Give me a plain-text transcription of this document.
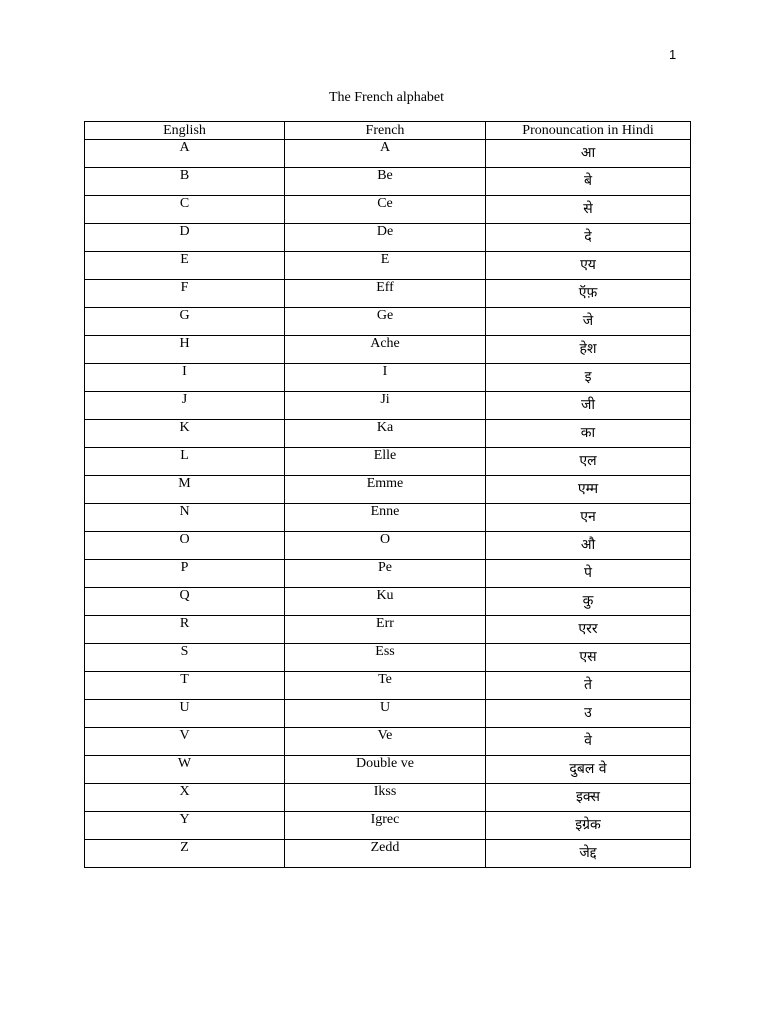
1
The French alphabet
English	French	Pronouncation in Hindi
A	A	आ
B	Be	बे
C	Ce	से
D	De	दे
E	E	एय
F	Eff	ऍफ़
G	Ge	जे
H	Ache	हेश
I	I	इ
J	Ji	जी
K	Ka	का
L	Elle	एल
M	Emme	एम्म
N	Enne	एन
O	O	औ
P	Pe	पे
Q	Ku	कु
R	Err	एरर
S	Ess	एस
T	Te	ते
U	U	उ
V	Ve	वे
W	Double ve	दुबल वे
X	Ikss	इक्स
Y	Igrec	इग्रेक
Z	Zedd	जेद्द
